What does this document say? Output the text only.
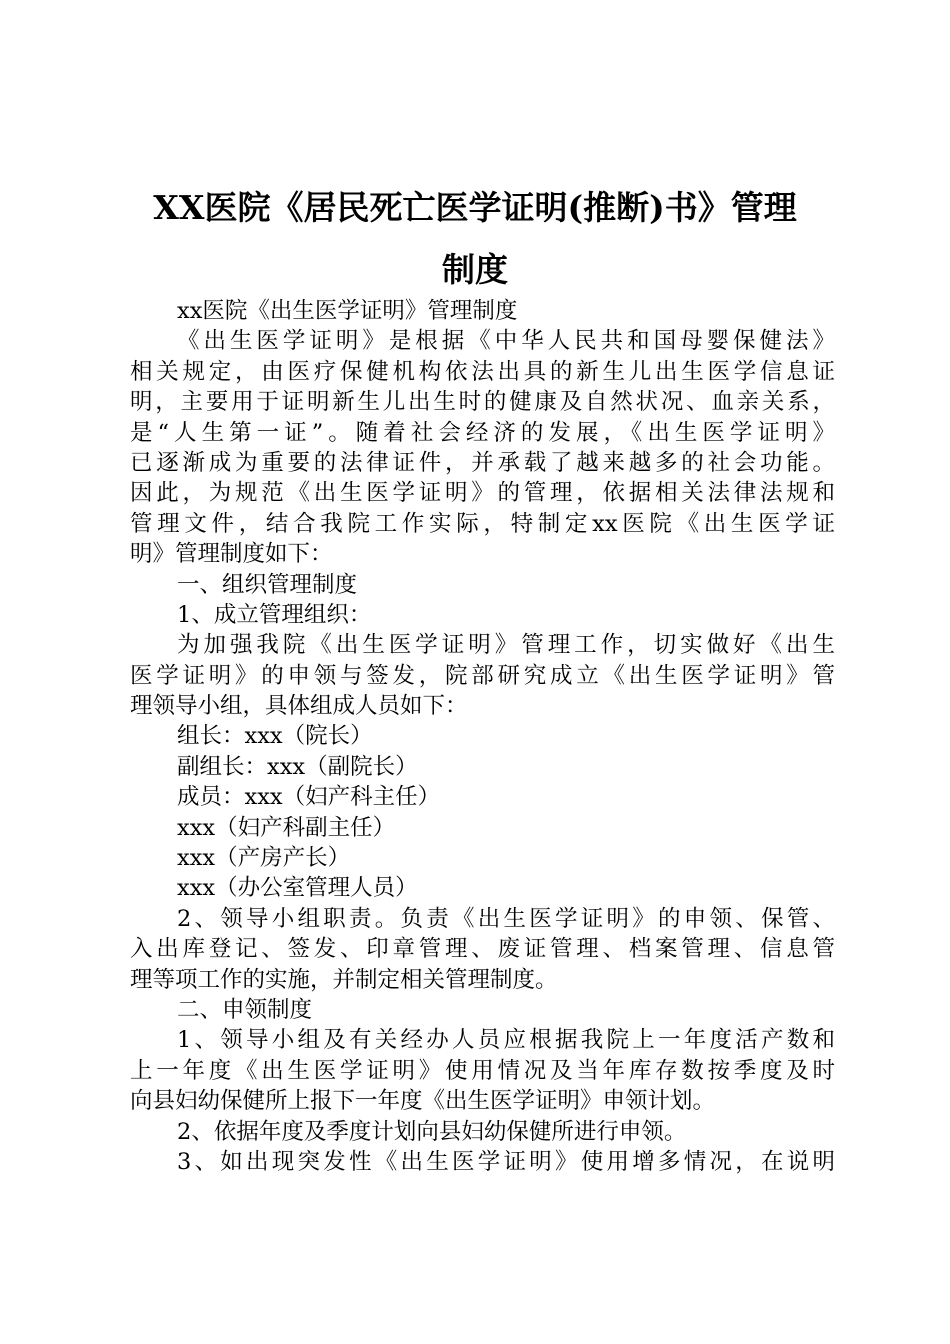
XX医院《居民死亡医学证明(推断)书》管理
制度
xx医院《出生医学证明》管理制度
《出生医学证明》是根据《中华人民共和国母婴保健法》
相关规定，由医疗保健机构依法出具的新生儿出生医学信息证
明，主要用于证明新生儿出生时的健康及自然状况、血亲关系，
是“人生第一证”。随着社会经济的发展，《出生医学证明》
已逐渐成为重要的法律证件，并承载了越来越多的社会功能。
因此，为规范《出生医学证明》的管理，依据相关法律法规和
管理文件，结合我院工作实际，特制定xx医院《出生医学证
明》管理制度如下：
一、组织管理制度
1、成立管理组织：
为加强我院《出生医学证明》管理工作，切实做好《出生
医学证明》的申领与签发，院部研究成立《出生医学证明》管
理领导小组，具体组成人员如下：
组长：xxx（院长）
副组长：xxx（副院长）
成员：xxx（妇产科主任）
xxx（妇产科副主任）
xxx（产房产长）
xxx（办公室管理人员）
2、领导小组职责。负责《出生医学证明》的申领、保管、
入出库登记、签发、印章管理、废证管理、档案管理、信息管
理等项工作的实施，并制定相关管理制度。
二、申领制度
1、领导小组及有关经办人员应根据我院上一年度活产数和
上一年度《出生医学证明》使用情况及当年库存数按季度及时
向县妇幼保健所上报下一年度《出生医学证明》申领计划。
2、依据年度及季度计划向县妇幼保健所进行申领。
3、如出现突发性《出生医学证明》使用增多情况，在说明
